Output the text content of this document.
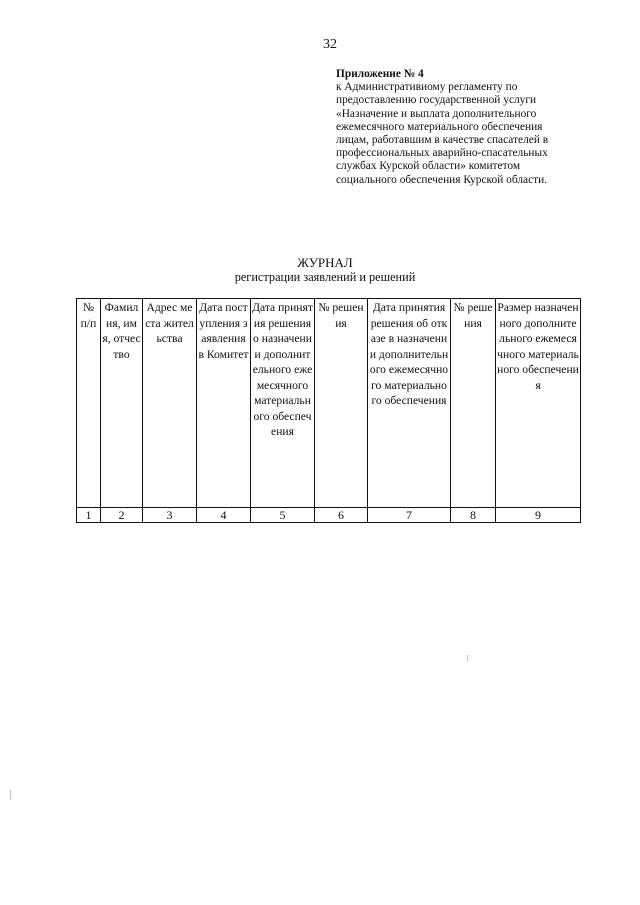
32
Приложение № 4
к Административиому регламенту по
предоставлению государственной услуги
«Назначение и выплата дополнительного
ежемесячного материального обеспечения
лицам, работавшим в качестве спасателей в
профессиональных аварийно-спасательных
службах Курской области» комитетом
социального обеспечения Курской области.
ЖУРНАЛ
регистрации заявлений и решений
№ п/п	Фамилия, имя, отчество	Адрес места жительства	Дата поступления заявления в Комитет	Дата принятия решения о назначении дополнительного ежемесячного материального обеспечения	№ решения	Дата принятия решения об отказе в назначении дополнительного ежемесячного материального обеспечения	№ решения	Размер назначенного дополнительного ежемесячного материального обеспечения
1	2	3	4	5	6	7	8	9
